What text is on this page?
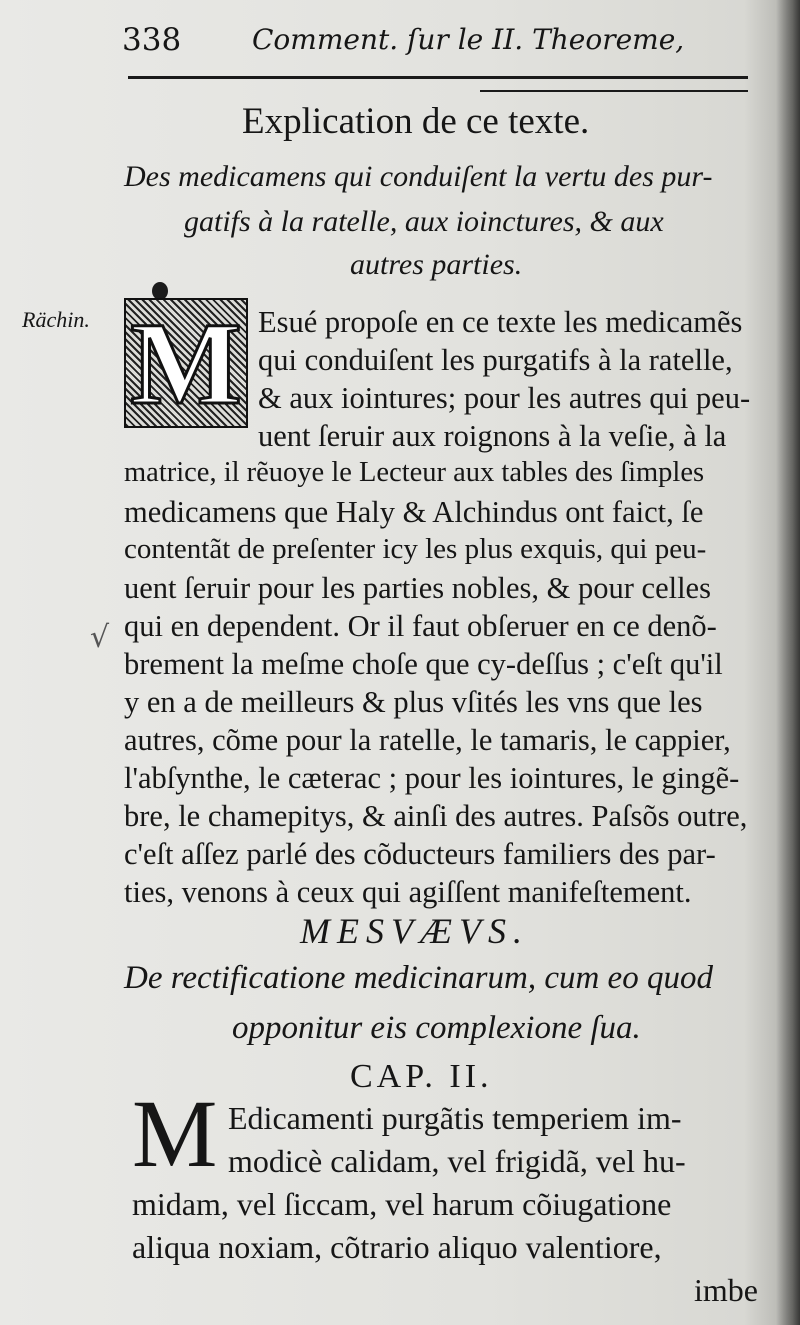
338	Comment. ſur le II. Theoreme,
Explication de ce texte.
Des medicamens qui conduiſent la vertu des pur-
gatifs à la ratelle, aux ioinctures, & aux
autres parties.
Rächin. M Esué propoſe en ce texte les medicamẽs
qui conduiſent les purgatifs à la ratelle,
& aux iointures; pour les autres qui peu-
uent ſeruir aux roignons à la veſie, à la
matrice, il rẽuoye le Lecteur aux tables des ſimples
medicamens que Haly & Alchindus ont faict, ſe
contentãt de preſenter icy les plus exquis, qui peu-
uent ſeruir pour les parties nobles, & pour celles
qui en dependent. Or il faut obſeruer en ce denõ-
brement la meſme choſe que cy-deſſus ; c'eſt qu'il
y en a de meilleurs & plus vſités les vns que les
autres, cõme pour la ratelle, le tamaris, le cappier,
l'abſynthe, le cæterac ; pour les iointures, le gingẽ-
bre, le chamepitys, & ainſi des autres. Paſsõs outre,
c'eſt aſſez parlé des cõducteurs familiers des par-
ties, venons à ceux qui agiſſent manifeſtement.
√
MESVÆVS.
De rectificatione medicinarum, cum eo quod
opponitur eis complexione ſua.
CAP. II.
M Edicamenti purgãtis temperiem im-
modicè calidam, vel frigidã, vel hu-
midam, vel ſiccam, vel harum cõiugatione
aliqua noxiam, cõtrario aliquo valentiore,
imbe
